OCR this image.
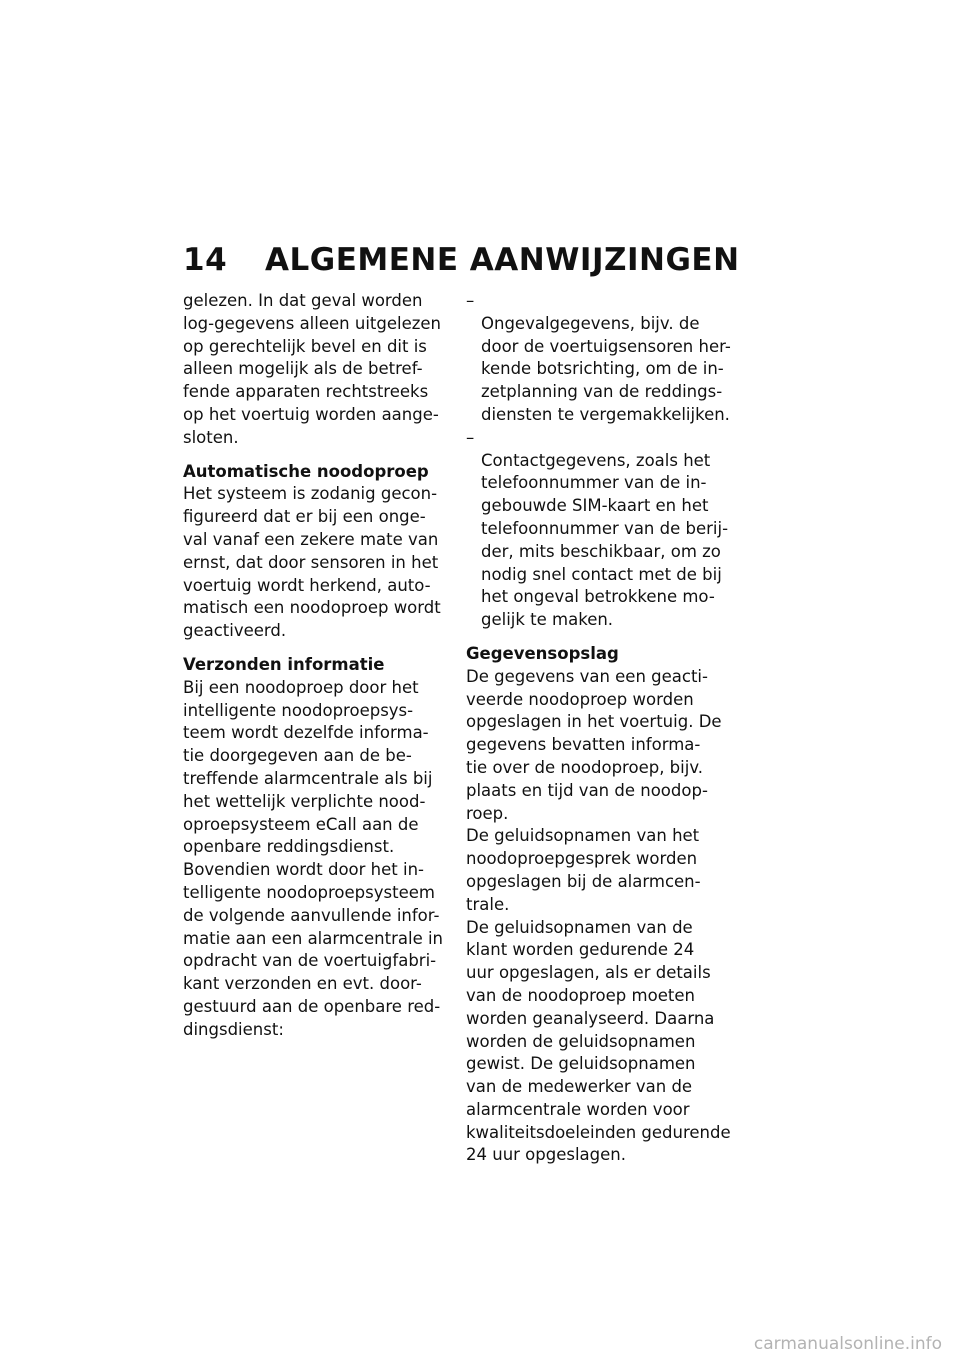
14 ALGEMENE AANWIJZINGEN

gelezen. In dat geval worden
log-gegevens alleen uitgelezen
op gerechtelijk bevel en dit is
alleen mogelijk als de betref-
fende apparaten rechtstreeks
op het voertuig worden aange-
sloten.

Automatische noodoproep

Het systeem is zodanig gecon-
figureerd dat er bij een onge-
val vanaf een zekere mate van
ernst, dat door sensoren in het
voertuig wordt herkend, auto-
matisch een noodoproep wordt
geactiveerd.

Verzonden informatie

Bij een noodoproep door het
intelligente noodoproepsys-
teem wordt dezelfde informa-
tie doorgegeven aan de be-
treffende alarmcentrale als bij
het wettelijk verplichte nood-
oproepsysteem eCall aan de
openbare reddingsdienst.

Bovendien wordt door het in-
telligente noodoproepsysteem
de volgende aanvullende infor-
matie aan een alarmcentrale in
opdracht van de voertuigfabri-
kant verzonden en evt. door-
gestuurd aan de openbare red-
dingsdienst:

–
Ongevalgegevens, bijv. de
door de voertuigsensoren her-
kende botsrichting, om de in-
zetplanning van de reddings-
diensten te vergemakkelijken.

–
Contactgegevens, zoals het
telefoonnummer van de in-
gebouwde SIM-kaart en het
telefoonnummer van de berij-
der, mits beschikbaar, om zo
nodig snel contact met de bij
het ongeval betrokkene mo-
gelijk te maken.

Gegevensopslag

De gegevens van een geacti-
veerde noodoproep worden
opgeslagen in het voertuig. De
gegevens bevatten informa-
tie over de noodoproep, bijv.
plaats en tijd van de noodop-
roep.

De geluidsopnamen van het
noodoproepgesprek worden
opgeslagen bij de alarmcen-
trale.

De geluidsopnamen van de
klant worden gedurende 24
uur opgeslagen, als er details
van de noodoproep moeten
worden geanalyseerd. Daarna
worden de geluidsopnamen
gewist. De geluidsopnamen
van de medewerker van de
alarmcentrale worden voor
kwaliteitsdoeleinden gedurende
24 uur opgeslagen.

carmanualsonline.info
